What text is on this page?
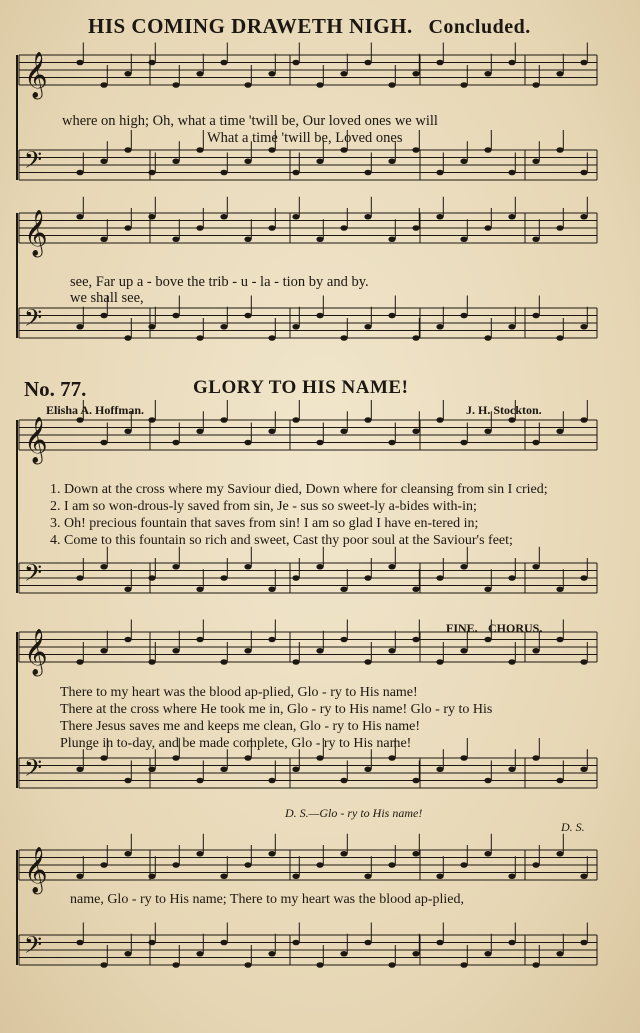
HIS COMING DRAWETH NIGH. Concluded.
𝄞
𝄢
𝄞
𝄢
𝄞
𝄢
𝄞
𝄢
𝄞
𝄢
where on high; Oh, what a time 'twill be, Our loved ones we will
What a time 'twill be, Loved ones
see, Far up a - bove the trib - u - la - tion by and by.
we shall see,
No. 77.	GLORY TO HIS NAME!
Elisha A. Hoffman.	J. H. Stockton.
1. Down at the cross where my Saviour died, Down where for cleansing from sin I cried;
2. I am so won-drous-ly saved from sin, Je - sus so sweet-ly a-bides with-in;
3. Oh! precious fountain that saves from sin! I am so glad I have en-tered in;
4. Come to this fountain so rich and sweet, Cast thy poor soul at the Saviour's feet;
FINE. CHORUS.
There to my heart was the blood ap-plied, Glo - ry to His name!
There at the cross where He took me in, Glo - ry to His name! Glo - ry to His
There Jesus saves me and keeps me clean, Glo - ry to His name!
Plunge in to-day, and be made complete, Glo - ry to His name!
D. S.—Glo - ry to His name!
D. S.
name, Glo - ry to His name; There to my heart was the blood ap-plied,
